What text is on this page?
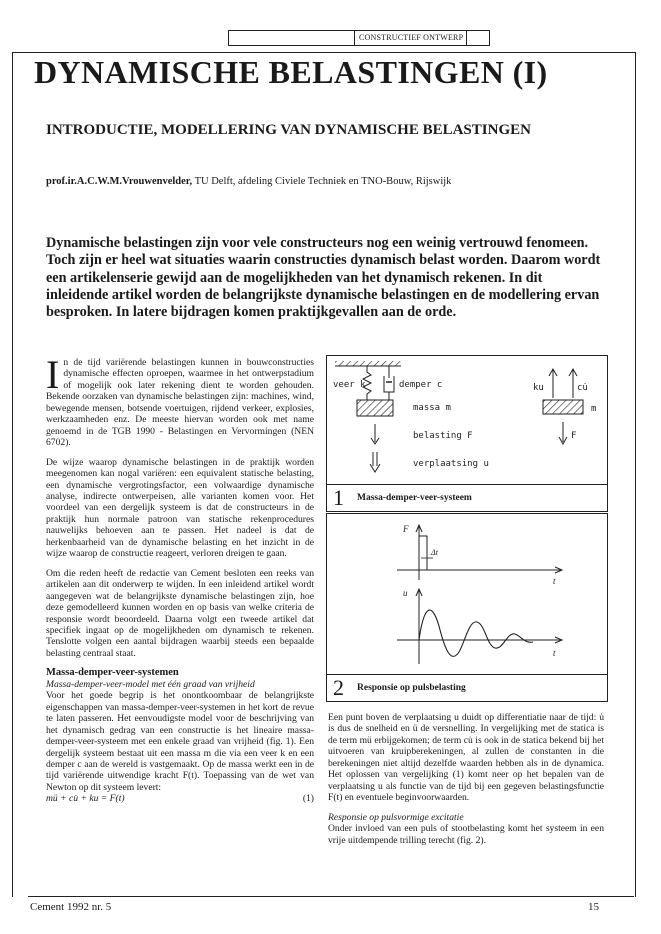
CONSTRUCTIEF ONTWERP
DYNAMISCHE BELASTINGEN (I)
INTRODUCTIE, MODELLERING VAN DYNAMISCHE BELASTINGEN
prof.ir.A.C.W.M.Vrouwenvelder, TU Delft, afdeling Civiele Techniek en TNO-Bouw, Rijswijk
Dynamische belastingen zijn voor vele constructeurs nog een weinig vertrouwd fenomeen. Toch zijn er heel wat situaties waarin constructies dynamisch belast worden. Daarom wordt een artikelenserie gewijd aan de mogelijkheden van het dynamisch rekenen. In dit inleidende artikel worden de belangrijkste dynamische belastingen en de modellering ervan besproken. In latere bijdragen komen praktijkgevallen aan de orde.

In de tijd variërende belastingen kunnen in bouwconstructies dynamische effecten oproepen, waarmee in het ontwerpstadium of mogelijk ook later rekening dient te worden gehouden. Bekende oorzaken van dynamische belastingen zijn: machines, wind, bewegende mensen, botsende voertuigen, rijdend verkeer, explosies, werkzaamheden enz. De meeste hiervan worden ook met name genoemd in de TGB 1990 - Belastingen en Vervormingen (NEN 6702).

De wijze waarop dynamische belastingen in de praktijk worden meegenomen kan nogal variëren: een equivalent statische belasting, een dynamische vergrotingsfactor, een volwaardige dynamische analyse, indirecte ontwerpeisen, alle varianten komen voor. Het voordeel van een dergelijk systeem is dat de constructeurs in de praktijk hun normale patroon van statische rekenprocedures nauwelijks behoeven aan te passen. Het nadeel is dat de herkenbaarheid van de dynamische belasting en het inzicht in de wijze waarop de constructie reageert, verloren dreigen te gaan.

Om die reden heeft de redactie van Cement besloten een reeks van artikelen aan dit onderwerp te wijden. In een inleidend artikel wordt aangegeven wat de belangrijkste dynamische belastingen zijn, hoe deze gemodelleerd kunnen worden en op basis van welke criteria de responsie wordt beoordeeld. Daarna volgt een tweede artikel dat specifiek ingaat op de mogelijkheden om dynamisch te rekenen. Tenslotte volgen een aantal bijdragen waarbij steeds een bepaalde belasting centraal staat.

Massa-demper-veer-systemen

Massa-demper-veer-model met één graad van vrijheid

Voor het goede begrip is het onontkoombaar de belangrijkste eigenschappen van massa-demper-veer-systemen in het kort de revue te laten passeren. Het eenvoudigste model voor de beschrijving van het dynamisch gedrag van een constructie is het lineaire massa-demper-veer-systeem met een enkele graad van vrijheid (fig. 1). Een dergelijk systeem bestaat uit een massa m die via een veer k en een demper c aan de wereld is vastgemaakt. Op de massa werkt een in de tijd variërende uitwendige kracht F(t). Toepassing van de wet van Newton op dit systeem levert:

mü + cu̇ + ku = F(t)	(1)

Een punt boven de verplaatsing u duidt op differentiatie naar de tijd: u̇ is dus de snelheid en ü de versnelling. In vergelijking met de statica is de term mü erbijgekomen; de term cu̇ is ook in de statica bekend bij het uitvoeren van kruipberekeningen, al zullen de constanten in die berekeningen niet altijd dezelfde waarden hebben als in de dynamica. Het oplossen van vergelijking (1) komt neer op het bepalen van de verplaatsing u als functie van de tijd bij een gegeven belastingsfunctie F(t) en eventuele beginvoorwaarden.

Responsie op pulsvormige excitatie

Onder invloed van een puls of stootbelasting komt het systeem in een vrije uitdempende trilling terecht (fig. 2).

veer k	demper c
massa m
belasting F
verplaatsing u
ku	cu̇
m
F
1 Massa-demper-veer-systeem
F
Δt
t
u
t
2 Responsie op pulsbelasting
Cement 1992 nr. 5	15
